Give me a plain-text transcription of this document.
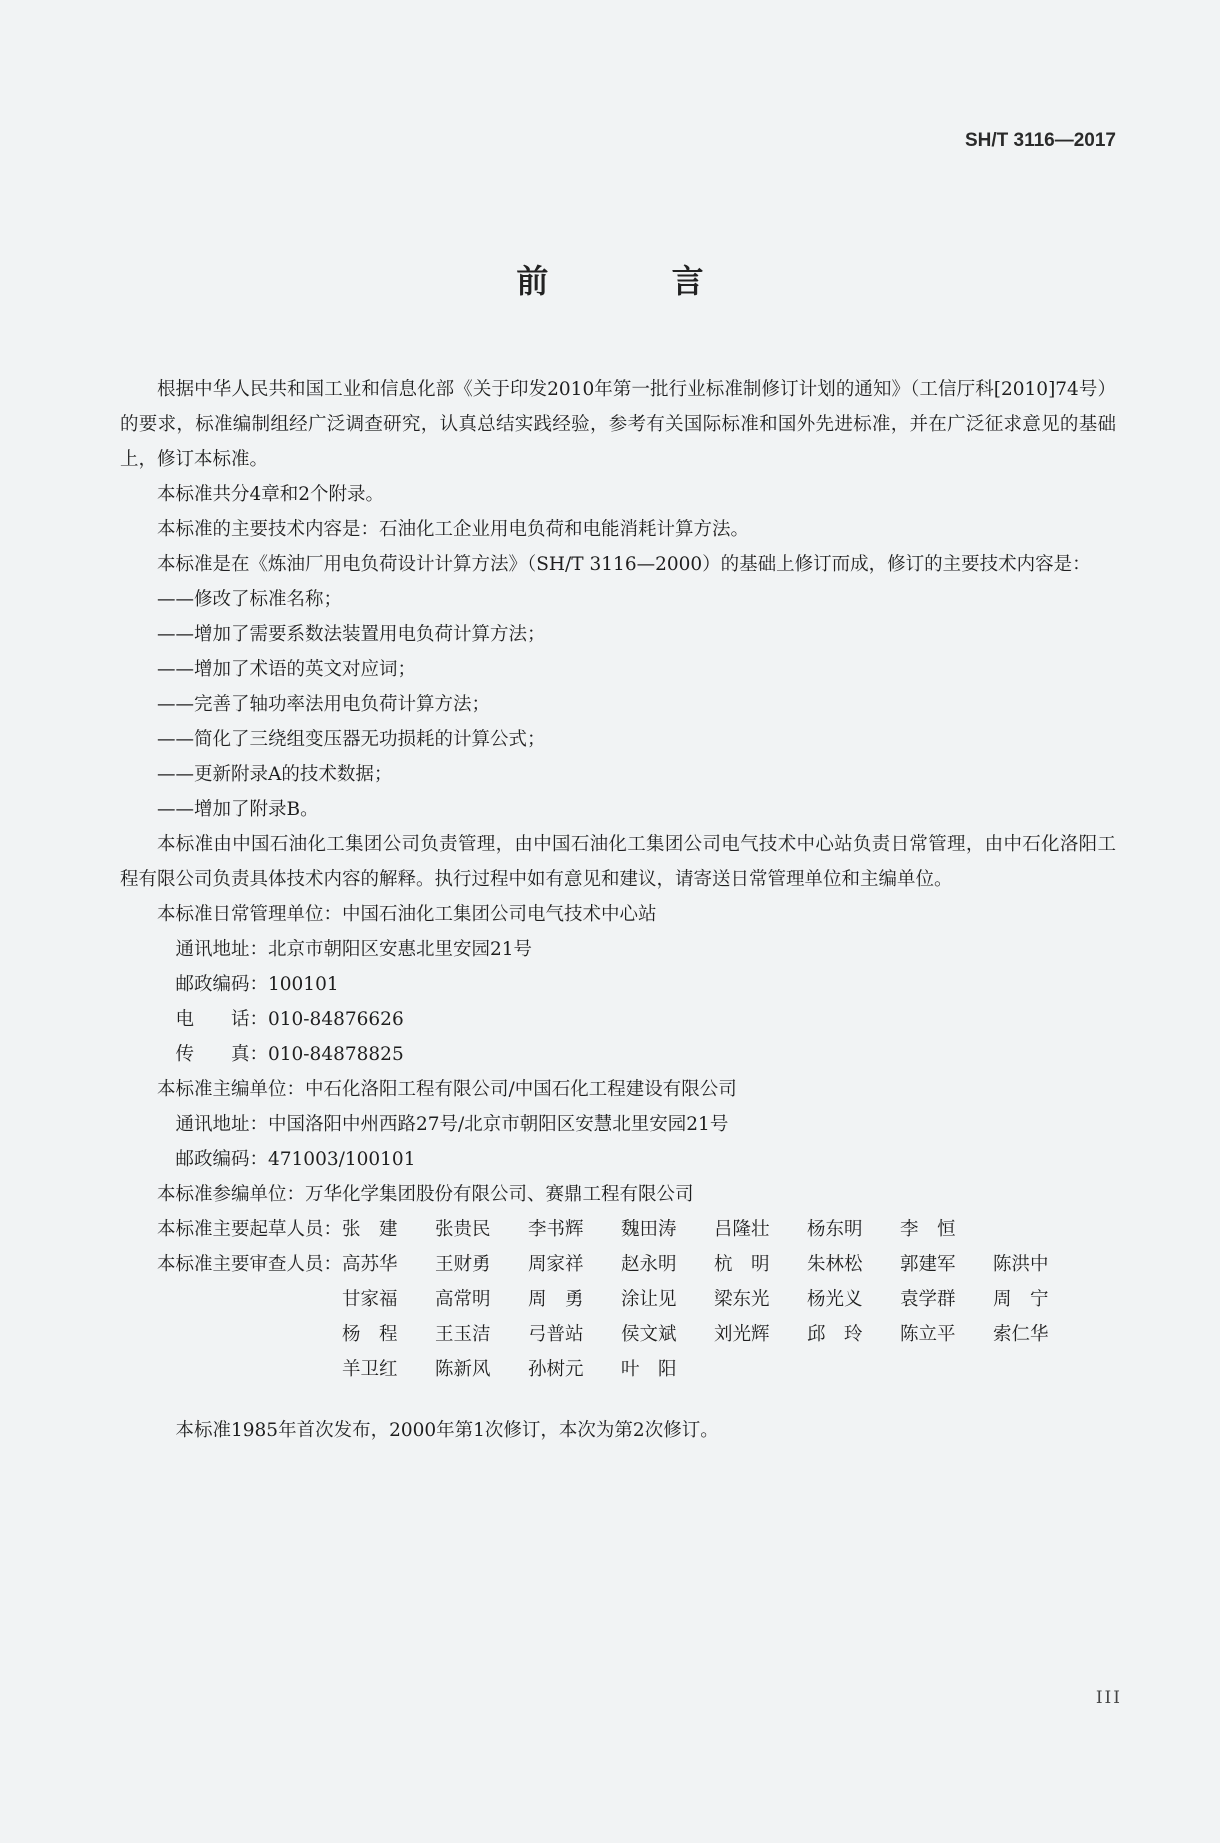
SH/T 3116—2017
前 言

根据中华人民共和国工业和信息化部《关于印发2010年第一批行业标准制修订计划的通知》（工信厅科[2010]74号）的要求，标准编制组经广泛调查研究，认真总结实践经验，参考有关国际标准和国外先进标准，并在广泛征求意见的基础上，修订本标准。

本标准共分4章和2个附录。

本标准的主要技术内容是：石油化工企业用电负荷和电能消耗计算方法。

本标准是在《炼油厂用电负荷设计计算方法》（SH/T 3116—2000）的基础上修订而成，修订的主要技术内容是：

——修改了标准名称；

——增加了需要系数法装置用电负荷计算方法；

——增加了术语的英文对应词；

——完善了轴功率法用电负荷计算方法；

——简化了三绕组变压器无功损耗的计算公式；

——更新附录A的技术数据；

——增加了附录B。

本标准由中国石油化工集团公司负责管理，由中国石油化工集团公司电气技术中心站负责日常管理，由中石化洛阳工程有限公司负责具体技术内容的解释。执行过程中如有意见和建议，请寄送日常管理单位和主编单位。

本标准日常管理单位：中国石油化工集团公司电气技术中心站

通讯地址：北京市朝阳区安惠北里安园21号

邮政编码：100101

电　　话：010-84876626

传　　真：010-84878825

本标准主编单位：中石化洛阳工程有限公司/中国石化工程建设有限公司

通讯地址：中国洛阳中州西路27号/北京市朝阳区安慧北里安园21号

邮政编码：471003/100101

本标准参编单位：万华化学集团股份有限公司、赛鼎工程有限公司

本标准主要起草人员： 张　建	张贵民	李书辉	魏田涛	吕隆壮	杨东明	李　恒
本标准主要审查人员： 高苏华	王财勇	周家祥	赵永明	杭　明	朱林松	郭建军	陈洪中
甘家福	高常明	周　勇	涂让见	梁东光	杨光义	袁学群	周　宁
杨　程	王玉洁	弓普站	侯文斌	刘光辉	邱　玲	陈立平	索仁华
羊卫红	陈新风	孙树元	叶　阳

本标准1985年首次发布，2000年第1次修订，本次为第2次修订。

III
